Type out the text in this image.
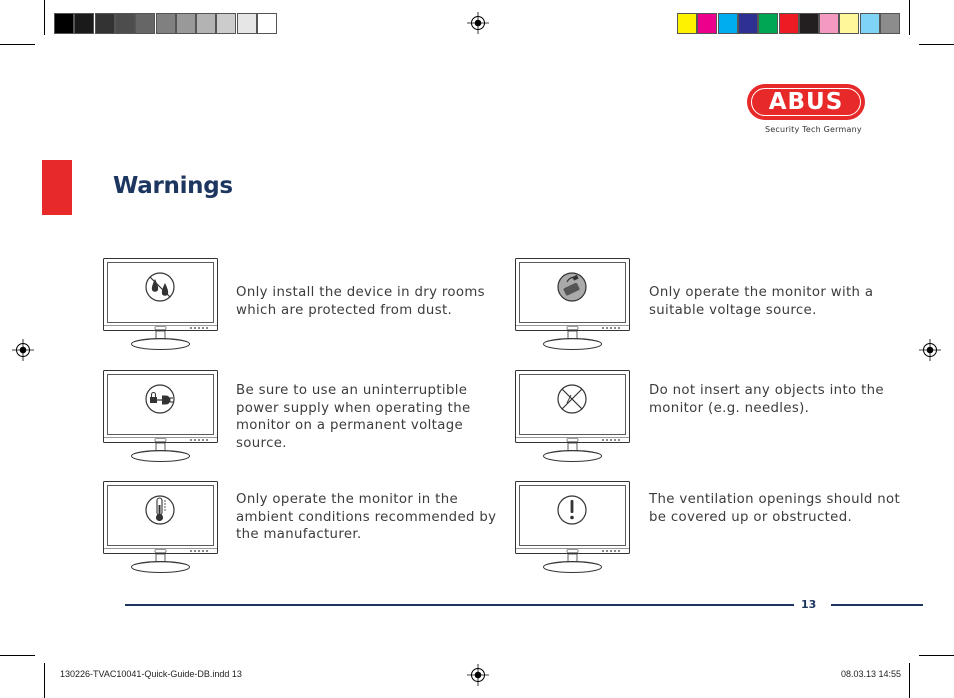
ABUS
Security Tech Germany
Warnings
Only install the device in dry rooms which are protected from dust.
Only operate the monitor with a suitable voltage source.
Be sure to use an uninterruptible power supply when operating the monitor on a permanent voltage source.
Do not insert any objects into the monitor (e.g. needles).
Only operate the monitor in the ambient conditions recommended by the manufacturer.
The ventilation openings should not be covered up or obstructed.
13
130226-TVAC10041-Quick-Guide-DB.indd 13	08.03.13 14:55
